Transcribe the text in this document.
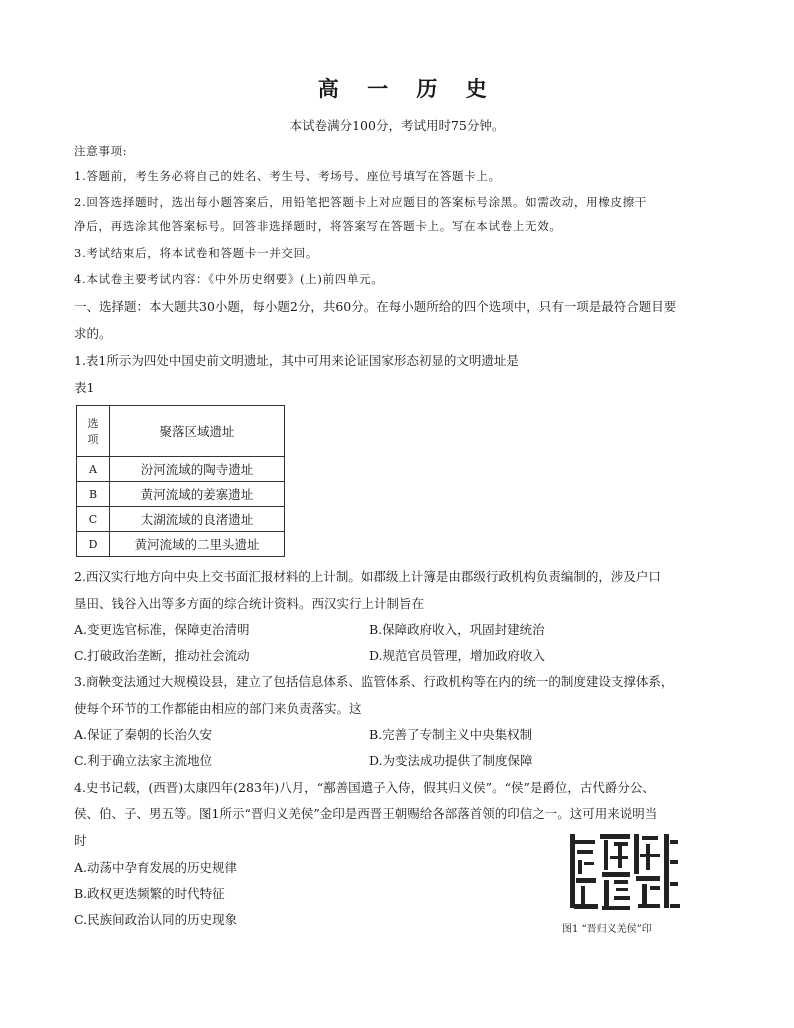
高 一 历 史
本试卷满分100分，考试用时75分钟。
注意事项:
1.答题前，考生务必将自己的姓名、考生号、考场号、座位号填写在答题卡上。
2.回答选择题时，选出每小题答案后，用铅笔把答题卡上对应题目的答案标号涂黑。如需改动，用橡皮擦干
净后，再选涂其他答案标号。回答非选择题时，将答案写在答题卡上。写在本试卷上无效。
3.考试结束后，将本试卷和答题卡一并交回。
4.本试卷主要考试内容：《中外历史纲要》(上)前四单元。
一、选择题：本大题共30小题，每小题2分，共60分。在每小题所给的四个选项中，只有一项是最符合题目要
求的。
1.表1所示为四处中国史前文明遗址，其中可用来论证国家形态初显的文明遗址是
表1
选
项	聚落区域遗址
A	汾河流域的陶寺遗址
B	黄河流域的姜寨遗址
C	太湖流域的良渚遗址
D	黄河流域的二里头遗址
2.西汉实行地方向中央上交书面汇报材料的上计制。如郡级上计簿是由郡级行政机构负责编制的，涉及户口
垦田、钱谷入出等多方面的综合统计资料。西汉实行上计制旨在
A.变更选官标准，保障吏治清明	B.保障政府收入，巩固封建统治
C.打破政治垄断，推动社会流动	D.规范官员管理，增加政府收入
3.商鞅变法通过大规模设县，建立了包括信息体系、监管体系、行政机构等在内的统一的制度建设支撑体系，
使每个环节的工作都能由相应的部门来负责落实。这
A.保证了秦朝的长治久安	B.完善了专制主义中央集权制
C.利于确立法家主流地位	D.为变法成功提供了制度保障
4.史书记载，(西晋)太康四年(283年)八月，“鄯善国遣子入侍，假其归义侯”。“侯”是爵位，古代爵分公、
侯、伯、子、男五等。图1所示“晋归义羌侯”金印是西晋王朝赐给各部落首领的印信之一。这可用来说明当
时
A.动荡中孕育发展的历史规律
B.政权更迭频繁的时代特征
C.民族间政治认同的历史现象
图1 “晋归义羌侯”印
